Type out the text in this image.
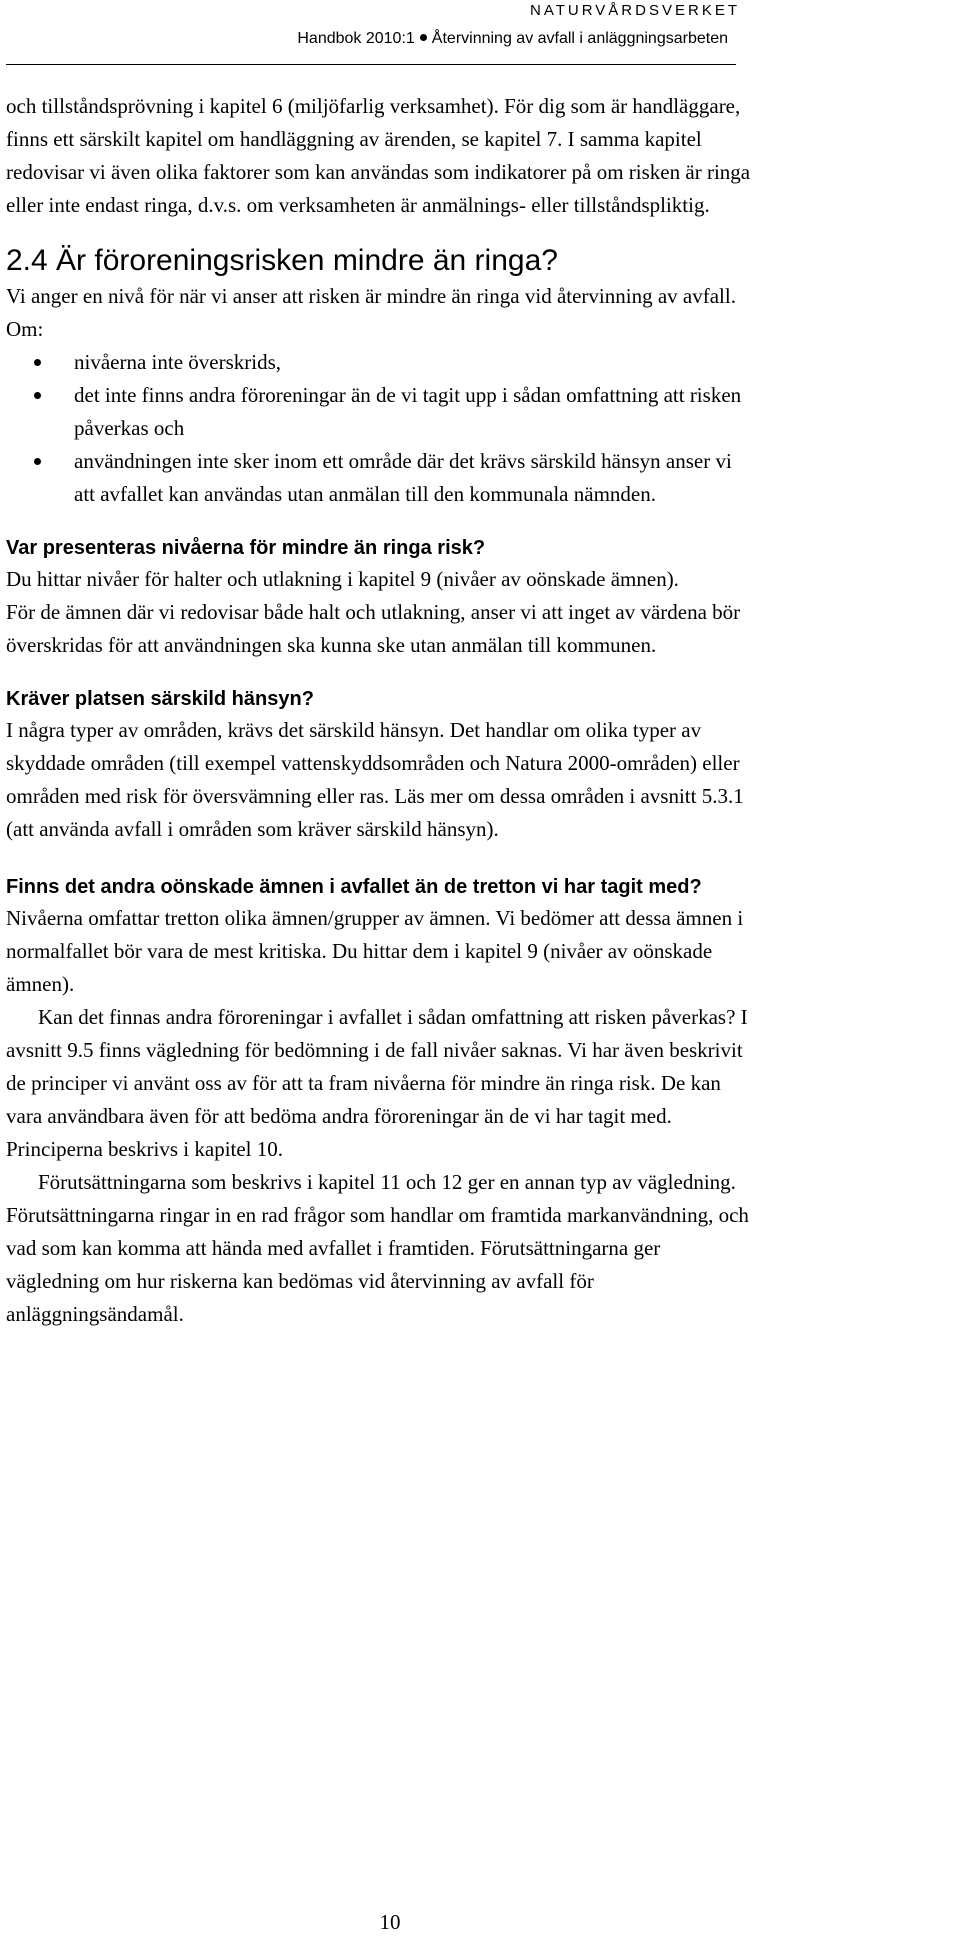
NATURVÅRDSVERKET
Handbok 2010:1 Återvinning av avfall i anläggningsarbeten

och tillståndsprövning i kapitel 6 (miljöfarlig verksamhet). För dig som är handläggare, finns ett särskilt kapitel om handläggning av ärenden, se kapitel 7. I samma kapitel redovisar vi även olika faktorer som kan användas som indikatorer på om risken är ringa eller inte endast ringa, d.v.s. om verksamheten är anmälnings- eller tillståndspliktig.

2.4 Är föroreningsrisken mindre än ringa?

Vi anger en nivå för när vi anser att risken är mindre än ringa vid återvinning av avfall. Om:

nivåerna inte överskrids,
det inte finns andra föroreningar än de vi tagit upp i sådan omfattning att risken påverkas och
användningen inte sker inom ett område där det krävs särskild hänsyn anser vi att avfallet kan användas utan anmälan till den kommunala nämnden.
Var presenteras nivåerna för mindre än ringa risk?

Du hittar nivåer för halter och utlakning i kapitel 9 (nivåer av oönskade ämnen).

För de ämnen där vi redovisar både halt och utlakning, anser vi att inget av värdena bör överskridas för att användningen ska kunna ske utan anmälan till kommunen.

Kräver platsen särskild hänsyn?

I några typer av områden, krävs det särskild hänsyn. Det handlar om olika typer av skyddade områden (till exempel vattenskyddsområden och Natura 2000-områden) eller områden med risk för översvämning eller ras. Läs mer om dessa områden i avsnitt 5.3.1 (att använda avfall i områden som kräver särskild hänsyn).

Finns det andra oönskade ämnen i avfallet än de tretton vi har tagit med?

Nivåerna omfattar tretton olika ämnen/grupper av ämnen. Vi bedömer att dessa ämnen i normalfallet bör vara de mest kritiska. Du hittar dem i kapitel 9 (nivåer av oönskade ämnen).

Kan det finnas andra föroreningar i avfallet i sådan omfattning att risken påverkas? I avsnitt 9.5 finns vägledning för bedömning i de fall nivåer saknas. Vi har även beskrivit de principer vi använt oss av för att ta fram nivåerna för mindre än ringa risk. De kan vara användbara även för att bedöma andra föroreningar än de vi har tagit med. Principerna beskrivs i kapitel 10.

Förutsättningarna som beskrivs i kapitel 11 och 12 ger en annan typ av vägledning. Förutsättningarna ringar in en rad frågor som handlar om framtida markanvändning, och vad som kan komma att hända med avfallet i framtiden. Förutsättningarna ger vägledning om hur riskerna kan bedömas vid återvinning av avfall för anläggningsändamål.

10
